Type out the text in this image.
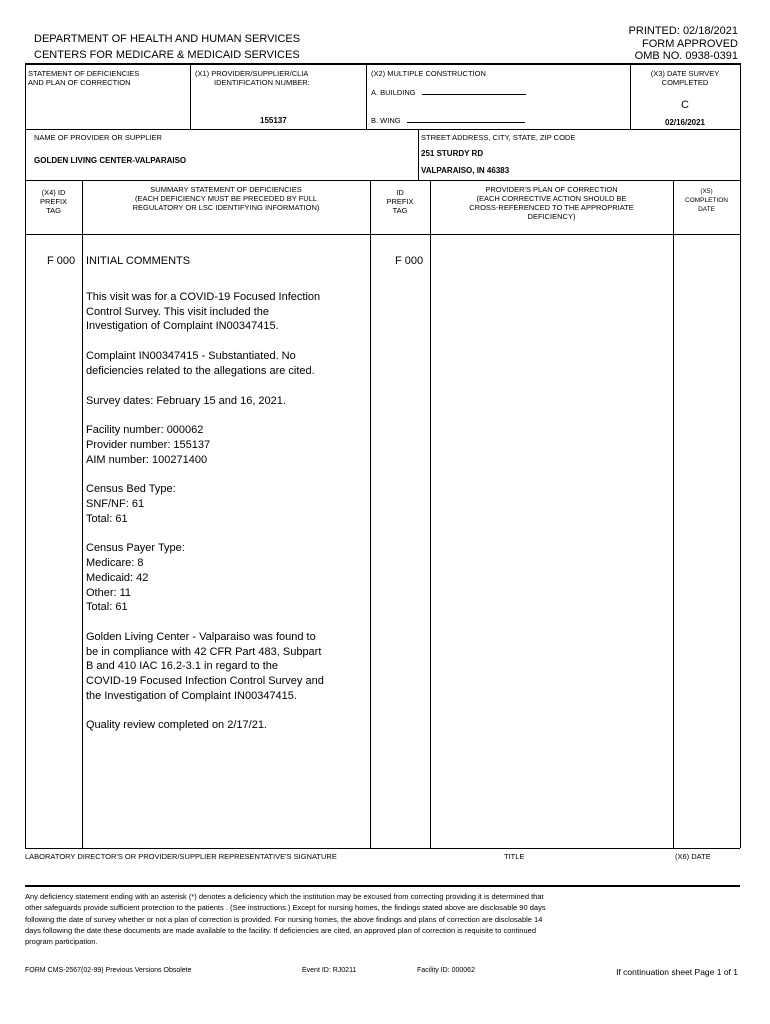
DEPARTMENT OF HEALTH AND HUMAN SERVICES
CENTERS FOR MEDICARE & MEDICAID SERVICES
PRINTED: 02/18/2021
FORM APPROVED
OMB NO. 0938-0391
STATEMENT OF DEFICIENCIES
AND PLAN OF CORRECTION
(X1) PROVIDER/SUPPLIER/CLIA
IDENTIFICATION NUMBER:
155137
(X2) MULTIPLE CONSTRUCTION
A. BUILDING
B. WING
(X3) DATE SURVEY
COMPLETED
C
02/16/2021
NAME OF PROVIDER OR SUPPLIER
GOLDEN LIVING CENTER-VALPARAISO
STREET ADDRESS, CITY, STATE, ZIP CODE
251 STURDY RD
VALPARAISO, IN 46383
(X4) ID
PREFIX
TAG
SUMMARY STATEMENT OF DEFICIENCIES
(EACH DEFICIENCY MUST BE PRECEDED BY FULL
REGULATORY OR LSC IDENTIFYING INFORMATION)
ID
PREFIX
TAG
PROVIDER'S PLAN OF CORRECTION
(EACH CORRECTIVE ACTION SHOULD BE
CROSS-REFERENCED TO THE APPROPRIATE
DEFICIENCY)
(X5)
COMPLETION
DATE
F 000 INITIAL COMMENTS	F 000

This visit was for a COVID-19 Focused Infection
Control Survey. This visit included the
Investigation of Complaint IN00347415.

Complaint IN00347415 - Substantiated. No
deficiencies related to the allegations are cited.

Survey dates: February 15 and 16, 2021.

Facility number: 000062
Provider number: 155137
AIM number: 100271400

Census Bed Type:
SNF/NF: 61
Total: 61

Census Payer Type:
Medicare: 8
Medicaid: 42
Other: 11
Total: 61

Golden Living Center - Valparaiso was found to
be in compliance with 42 CFR Part 483, Subpart
B and 410 IAC 16.2-3.1 in regard to the
COVID-19 Focused Infection Control Survey and
the Investigation of Complaint IN00347415.

Quality review completed on 2/17/21.

LABORATORY DIRECTOR'S OR PROVIDER/SUPPLIER REPRESENTATIVE'S SIGNATURE	TITLE	(X6) DATE
Any deficiency statement ending with an asterisk (*) denotes a deficiency which the institution may be excused from correcting providing it is determined that
other safeguards provide sufficient protection to the patients . (See instructions.) Except for nursing homes, the findings stated above are disclosable 90 days
following the date of survey whether or not a plan of correction is provided. For nursing homes, the above findings and plans of correction are disclosable 14
days following the date these documents are made available to the facility. If deficiencies are cited, an approved plan of correction is requisite to continued
program participation.
FORM CMS-2567(02-99) Previous Versions Obsolete	Event ID: RJ0211	Facility ID: 000062	If continuation sheet Page 1 of 1
